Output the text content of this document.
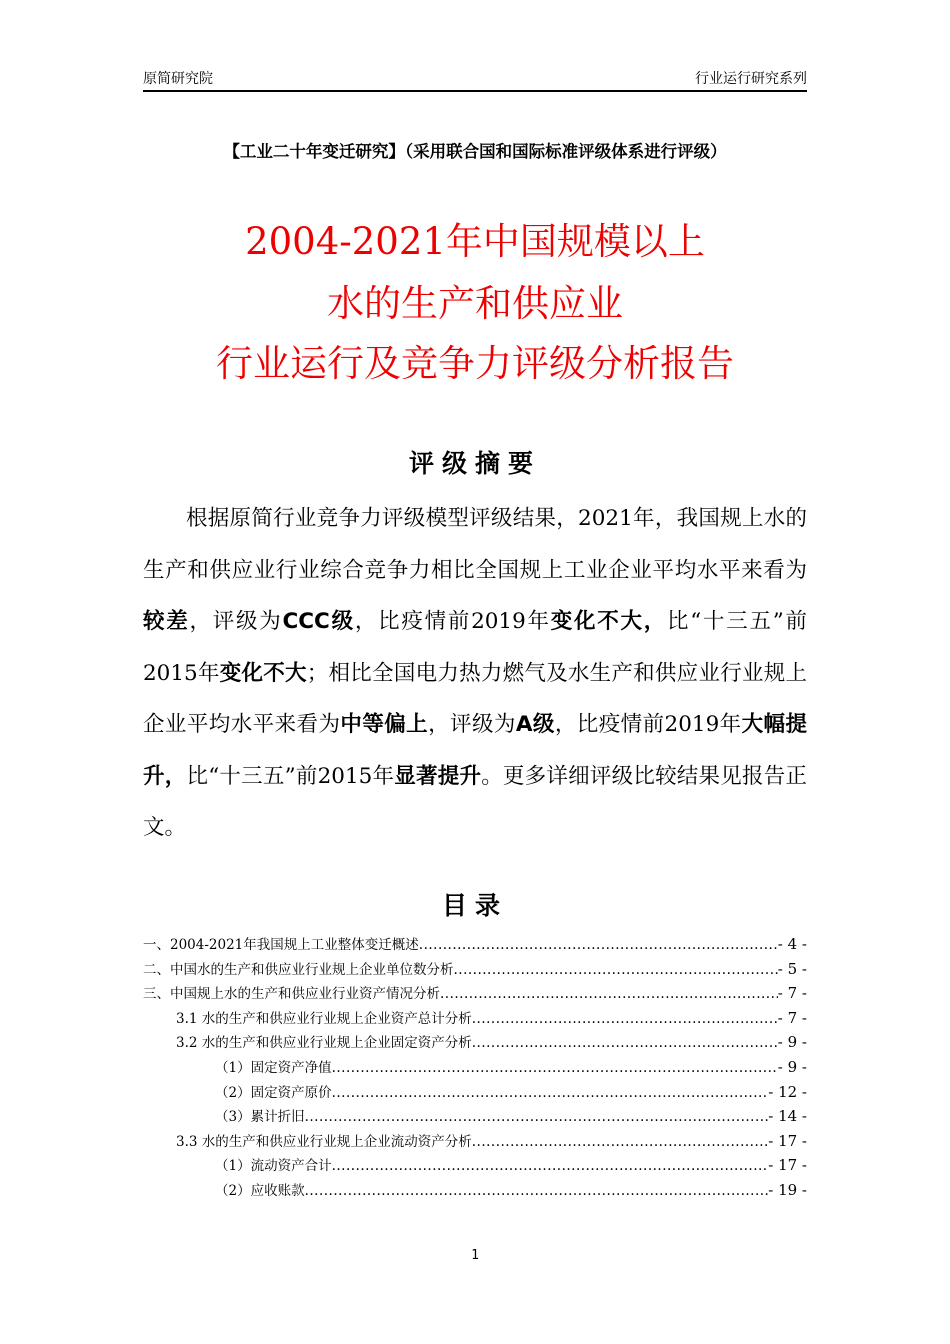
原简研究院	行业运行研究系列
【工业二十年变迁研究】（采用联合国和国际标准评级体系进行评级）
2004-2021年中国规模以上
水的生产和供应业
行业运行及竞争力评级分析报告
评级摘要
根据原简行业竞争力评级模型评级结果，2021年，我国规上水的生产和供应业行业综合竞争力相比全国规上工业企业平均水平来看为较差，评级为CCC级，比疫情前2019年变化不大，比“十三五”前2015年变化不大；相比全国电力热力燃气及水生产和供应业行业规上企业平均水平来看为中等偏上，评级为A级，比疫情前2019年大幅提升，比“十三五”前2015年显著提升。更多详细评级比较结果见报告正文。
目录
一、2004-2021年我国规上工业整体变迁概述 .....	- 4 -
二、中国水的生产和供应业行业规上企业单位数分析 .....	- 5 -
三、中国规上水的生产和供应业行业资产情况分析 .....	- 7 -
3.1 水的生产和供应业行业规上企业资产总计分析 .....	- 7 -
3.2 水的生产和供应业行业规上企业固定资产分析 .....	- 9 -
（1）固定资产净值 .....	- 9 -
（2）固定资产原价 .....	- 12 -
（3）累计折旧 .....	- 14 -
3.3 水的生产和供应业行业规上企业流动资产分析 .....	- 17 -
（1）流动资产合计 .....	- 17 -
（2）应收账款 .....	- 19 -
1
